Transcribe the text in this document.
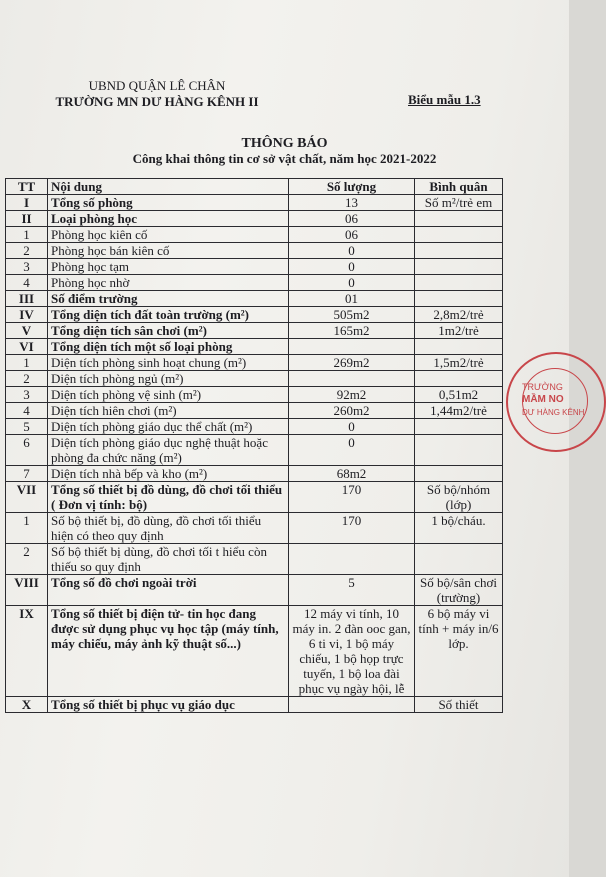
UBND QUẬN LÊ CHÂN
TRƯỜNG MN DƯ HÀNG KÊNH II	Biểu mẫu 1.3
THÔNG BÁO
Công khai thông tin cơ sở vật chất, năm học 2021-2022
TT	Nội dung	Số lượng	Bình quân
I	Tổng số phòng	13	Số m²/trẻ em
II	Loại phòng học	06	
1	Phòng học kiên cố	06	
2	Phòng học bán kiên cố	0	
3	Phòng học tạm	0	
4	Phòng học nhờ	0	
III	Số điểm trường	01	
IV	Tổng diện tích đất toàn trường (m²)	505m2	2,8m2/trẻ
V	Tổng diện tích sân chơi (m²)	165m2	1m2/trẻ
VI	Tổng diện tích một số loại phòng		
1	Diện tích phòng sinh hoạt chung (m²)	269m2	1,5m2/trẻ
2	Diện tích phòng ngủ (m²)		
3	Diện tích phòng vệ sinh (m²)	92m2	0,51m2
4	Diện tích hiên chơi (m²)	260m2	1,44m2/trẻ
5	Diện tích phòng giáo dục thể chất (m²)	0	
6	Diện tích phòng giáo dục nghệ thuật hoặc phòng đa chức năng (m²)	0	
7	Diện tích nhà bếp và kho (m²)	68m2	
VII	Tổng số thiết bị đồ dùng, đồ chơi tối thiểu ( Đơn vị tính: bộ)	170	Số bộ/nhóm (lớp)
1	Số bộ thiết bị, đồ dùng, đồ chơi tối thiểu hiện có theo quy định	170	1 bộ/cháu.
2	Số bộ thiết bị dùng, đồ chơi tối t hiểu còn thiếu so quy định		
VIII	Tổng số đồ chơi ngoài trời	5	Số bộ/sân chơi (trường)
IX	Tổng số thiết bị điện tử- tin học đang được sử dụng phục vụ học tập (máy tính, máy chiếu, máy ảnh kỹ thuật số...)	12 máy vi tính, 10 máy in. 2 đàn ooc gan, 6 ti vi, 1 bộ máy chiếu, 1 bộ họp trực tuyến, 1 bộ loa đài phục vụ ngày hội, lễ	6 bộ máy vi tính + máy in/6 lớp.
X	Tổng số thiết bị phục vụ giáo dục		Số thiết
TRƯỜNG
MẦM NO
DƯ HÀNG KÊNH
